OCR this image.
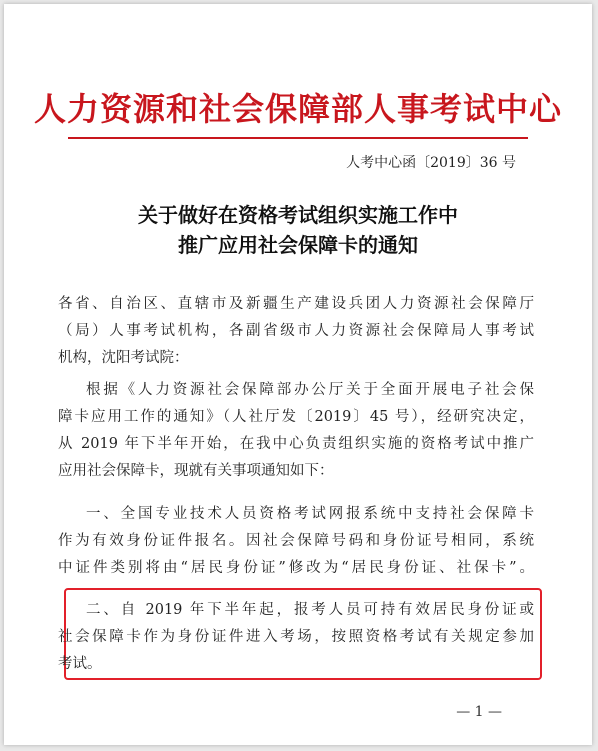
人力资源和社会保障部人事考试中心
人考中心函〔2019〕36 号
关于做好在资格考试组织实施工作中
推广应用社会保障卡的通知
各省、自治区、直辖市及新疆生产建设兵团人力资源社会保障厅
（局）人事考试机构，各副省级市人力资源社会保障局人事考试
机构，沈阳考试院：
根据《人力资源社会保障部办公厅关于全面开展电子社会保
障卡应用工作的通知》（人社厅发〔2019〕45 号），经研究决定，
从 2019 年下半年开始，在我中心负责组织实施的资格考试中推广
应用社会保障卡，现就有关事项通知如下：
一、全国专业技术人员资格考试网报系统中支持社会保障卡
作为有效身份证件报名。因社会保障号码和身份证号相同，系统
中证件类别将由“居民身份证”修改为“居民身份证、社保卡”。
二、自 2019 年下半年起，报考人员可持有效居民身份证或
社会保障卡作为身份证件进入考场，按照资格考试有关规定参加
考试。
— 1 —
